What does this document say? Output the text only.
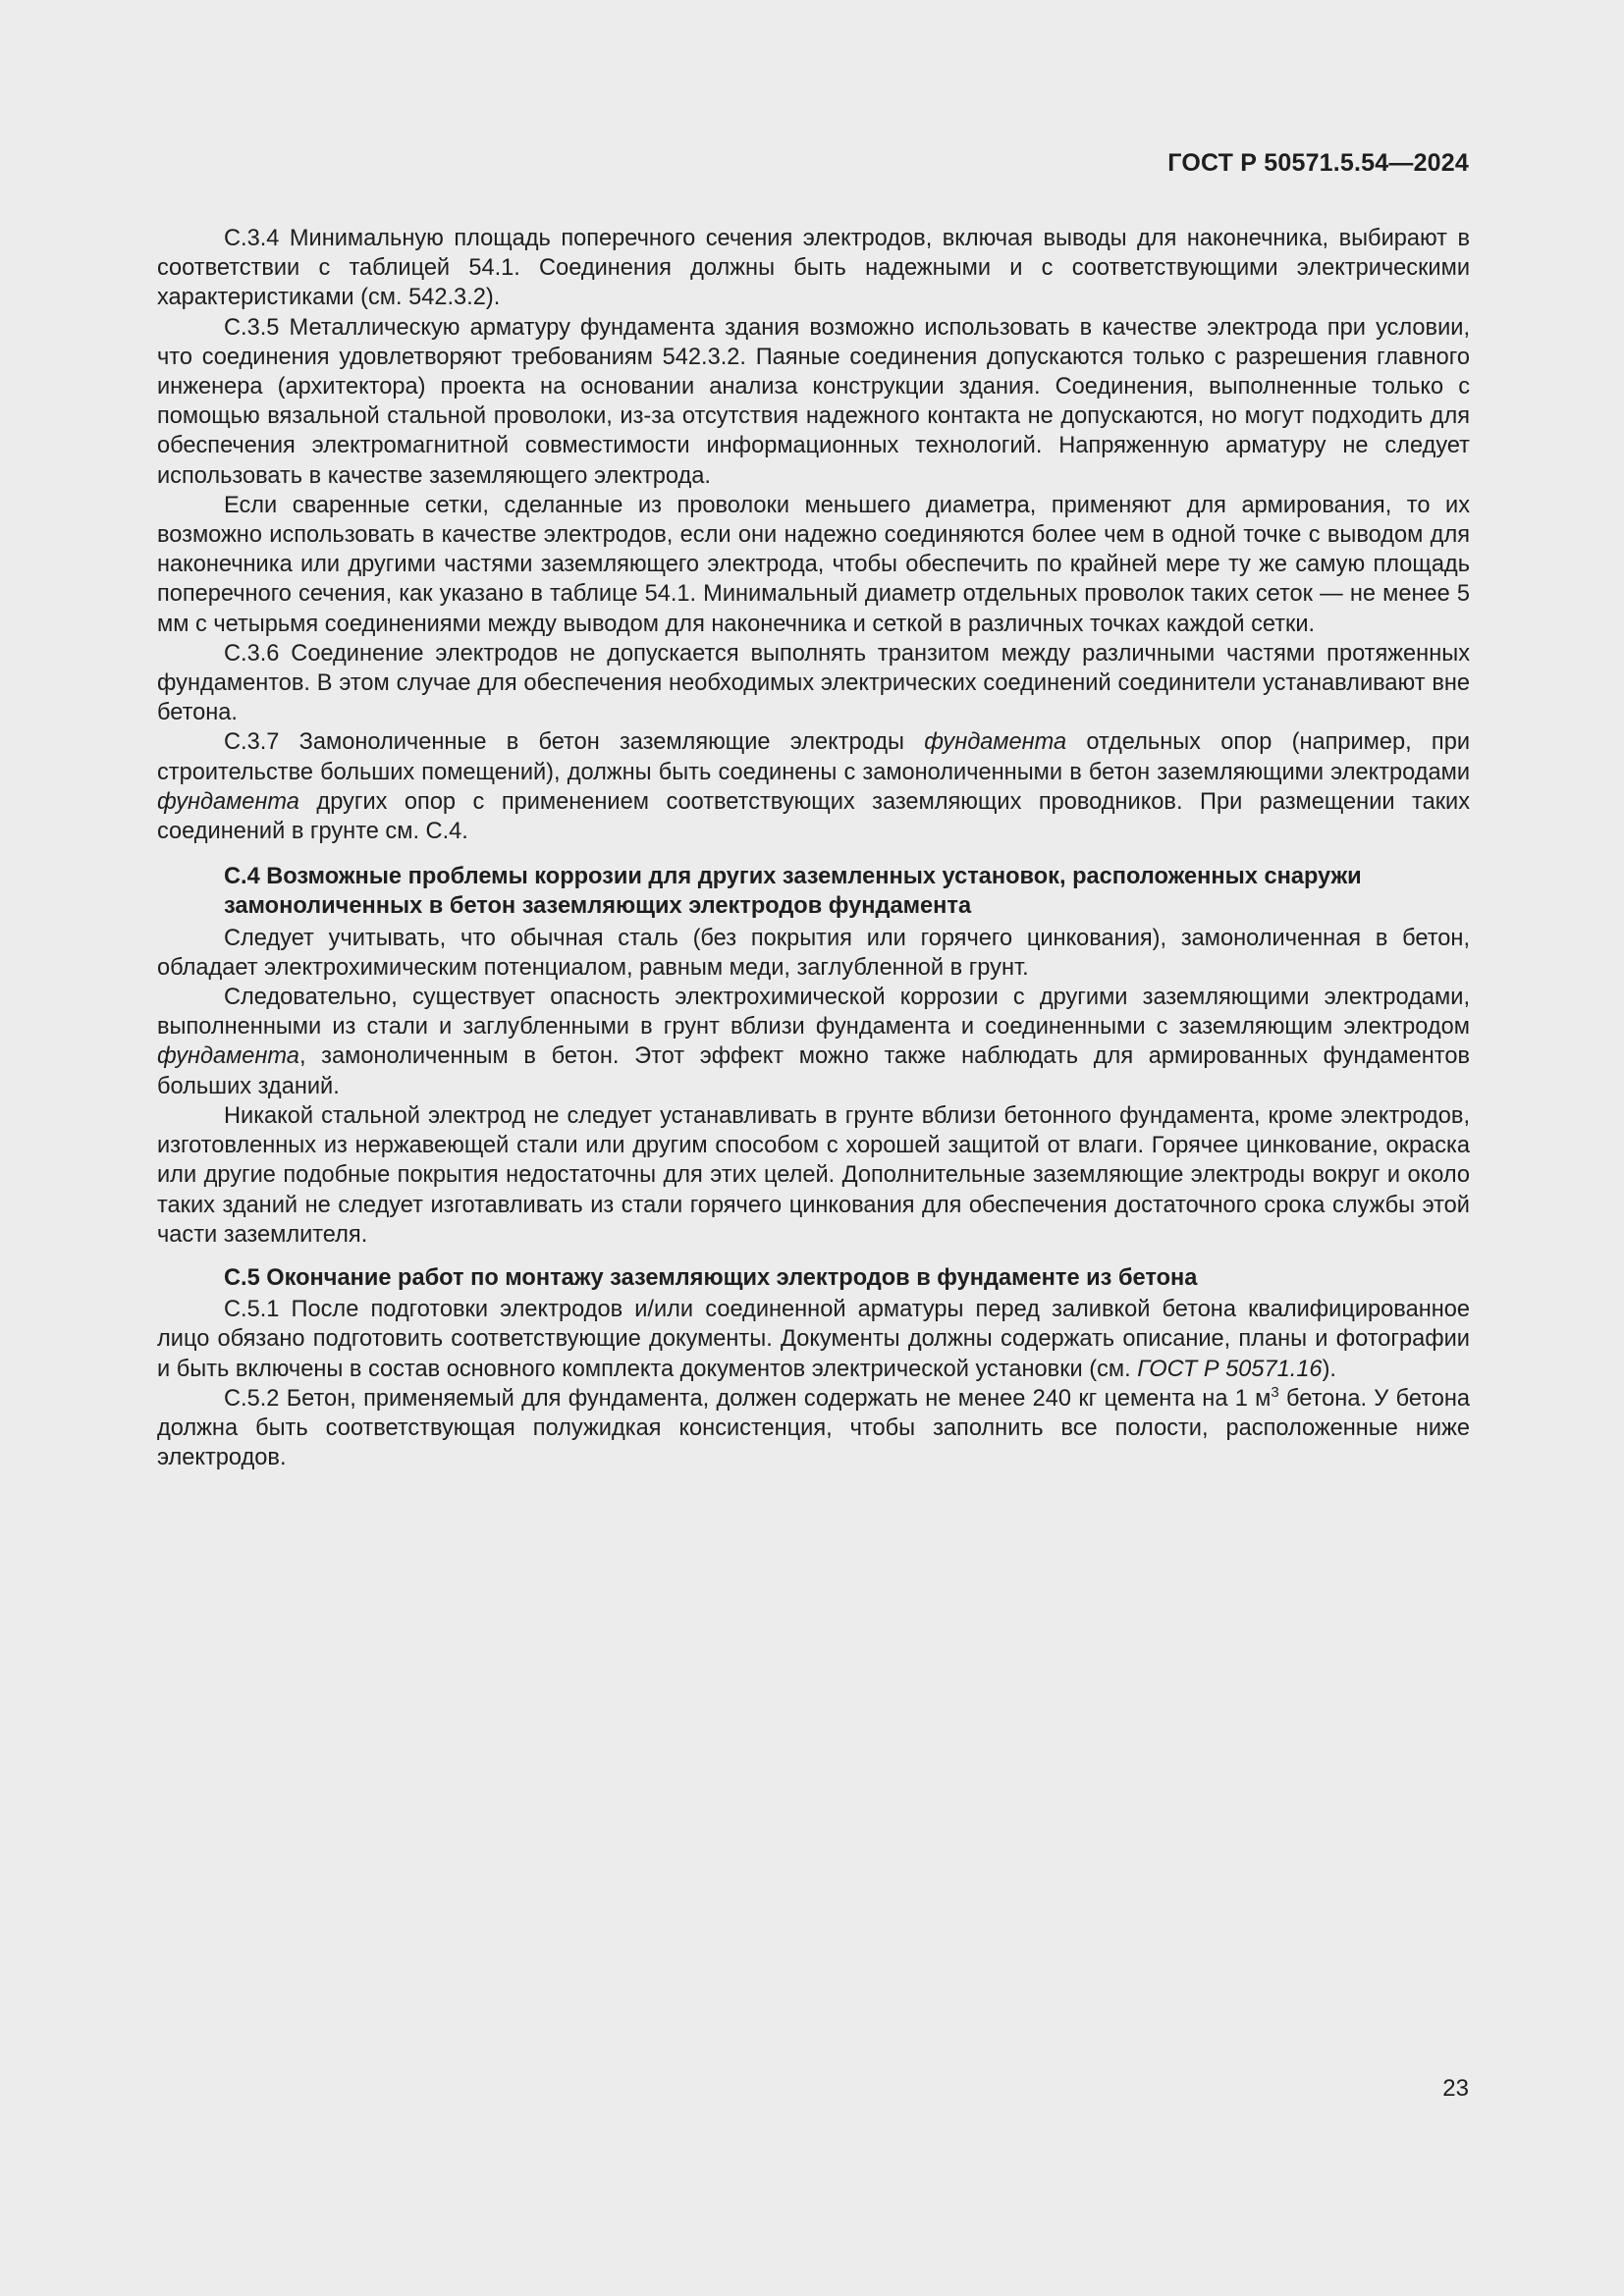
ГОСТ Р 50571.5.54—2024

С.3.4 Минимальную площадь поперечного сечения электродов, включая выводы для наконечника, выбирают в соответствии с таблицей 54.1. Соединения должны быть надежными и с соответствующими электрическими характеристиками (см. 542.3.2).

С.3.5 Металлическую арматуру фундамента здания возможно использовать в качестве электрода при условии, что соединения удовлетворяют требованиям 542.3.2. Паяные соединения допускаются только с разрешения главного инженера (архитектора) проекта на основании анализа конструкции здания. Соединения, выполненные только с помощью вязальной стальной проволоки, из-за отсутствия надежного контакта не допускаются, но могут подходить для обеспечения электромагнитной совместимости информационных технологий. Напряженную арматуру не следует использовать в качестве заземляющего электрода.

Если сваренные сетки, сделанные из проволоки меньшего диаметра, применяют для армирования, то их возможно использовать в качестве электродов, если они надежно соединяются более чем в одной точке с выводом для наконечника или другими частями заземляющего электрода, чтобы обеспечить по крайней мере ту же самую площадь поперечного сечения, как указано в таблице 54.1. Минимальный диаметр отдельных проволок таких сеток — не менее 5 мм с четырьмя соединениями между выводом для наконечника и сеткой в различных точках каждой сетки.

С.3.6 Соединение электродов не допускается выполнять транзитом между различными частями протяженных фундаментов. В этом случае для обеспечения необходимых электрических соединений соединители устанавливают вне бетона.

С.3.7 Замоноличенные в бетон заземляющие электроды фундамента отдельных опор (например, при строительстве больших помещений), должны быть соединены с замоноличенными в бетон заземляющими электродами фундамента других опор с применением соответствующих заземляющих проводников. При размещении таких соединений в грунте см. С.4.

С.4 Возможные проблемы коррозии для других заземленных установок, расположенных снаружи замоноличенных в бетон заземляющих электродов фундамента

Следует учитывать, что обычная сталь (без покрытия или горячего цинкования), замоноличенная в бетон, обладает электрохимическим потенциалом, равным меди, заглубленной в грунт.

Следовательно, существует опасность электрохимической коррозии с другими заземляющими электродами, выполненными из стали и заглубленными в грунт вблизи фундамента и соединенными с заземляющим электродом фундамента, замоноличенным в бетон. Этот эффект можно также наблюдать для армированных фундаментов больших зданий.

Никакой стальной электрод не следует устанавливать в грунте вблизи бетонного фундамента, кроме электродов, изготовленных из нержавеющей стали или другим способом с хорошей защитой от влаги. Горячее цинкование, окраска или другие подобные покрытия недостаточны для этих целей. Дополнительные заземляющие электроды вокруг и около таких зданий не следует изготавливать из стали горячего цинкования для обеспечения достаточного срока службы этой части заземлителя.

С.5 Окончание работ по монтажу заземляющих электродов в фундаменте из бетона

С.5.1 После подготовки электродов и/или соединенной арматуры перед заливкой бетона квалифицированное лицо обязано подготовить соответствующие документы. Документы должны содержать описание, планы и фотографии и быть включены в состав основного комплекта документов электрической установки (см. ГОСТ Р 50571.16).

С.5.2 Бетон, применяемый для фундамента, должен содержать не менее 240 кг цемента на 1 $м^3$ бетона. У бетона должна быть соответствующая полужидкая консистенция, чтобы заполнить все полости, расположенные ниже электродов.

23
